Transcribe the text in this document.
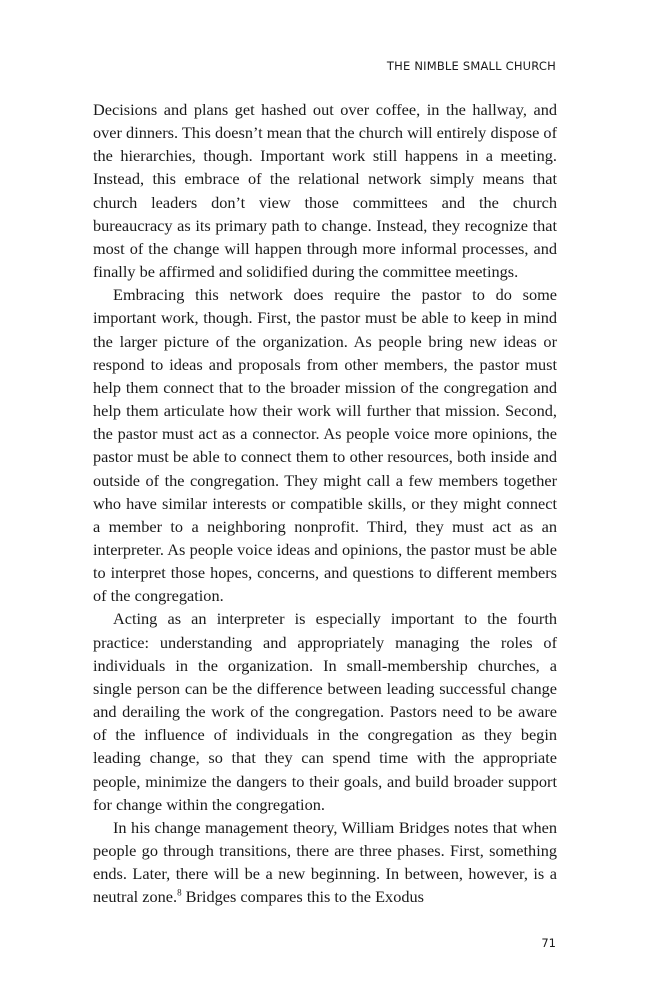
THE NIMBLE SMALL CHURCH

Decisions and plans get hashed out over coffee, in the hallway, and over dinners. This doesn’t mean that the church will entirely dispose of the hierarchies, though. Important work still happens in a meeting. Instead, this embrace of the relational network simply means that church leaders don’t view those committees and the church bureaucracy as its primary path to change. Instead, they recognize that most of the change will happen through more informal processes, and finally be affirmed and solidified during the committee meetings.

Embracing this network does require the pastor to do some important work, though. First, the pastor must be able to keep in mind the larger picture of the organization. As people bring new ideas or respond to ideas and proposals from other members, the pastor must help them connect that to the broader mission of the congregation and help them articulate how their work will further that mission. Second, the pastor must act as a connector. As people voice more opinions, the pastor must be able to connect them to other resources, both inside and outside of the congregation. They might call a few members together who have similar interests or compatible skills, or they might connect a member to a neighboring nonprofit. Third, they must act as an interpreter. As people voice ideas and opinions, the pastor must be able to interpret those hopes, concerns, and questions to different members of the congregation.

Acting as an interpreter is especially important to the fourth practice: understanding and appropriately managing the roles of individuals in the organization. In small-membership churches, a single person can be the difference between leading successful change and derailing the work of the congregation. Pastors need to be aware of the influence of individuals in the congregation as they begin leading change, so that they can spend time with the appropriate people, minimize the dangers to their goals, and build broader support for change within the congregation.

In his change management theory, William Bridges notes that when people go through transitions, there are three phases. First, something ends. Later, there will be a new beginning. In between, however, is a neutral zone.$^8$ Bridges compares this to the Exodus

71
